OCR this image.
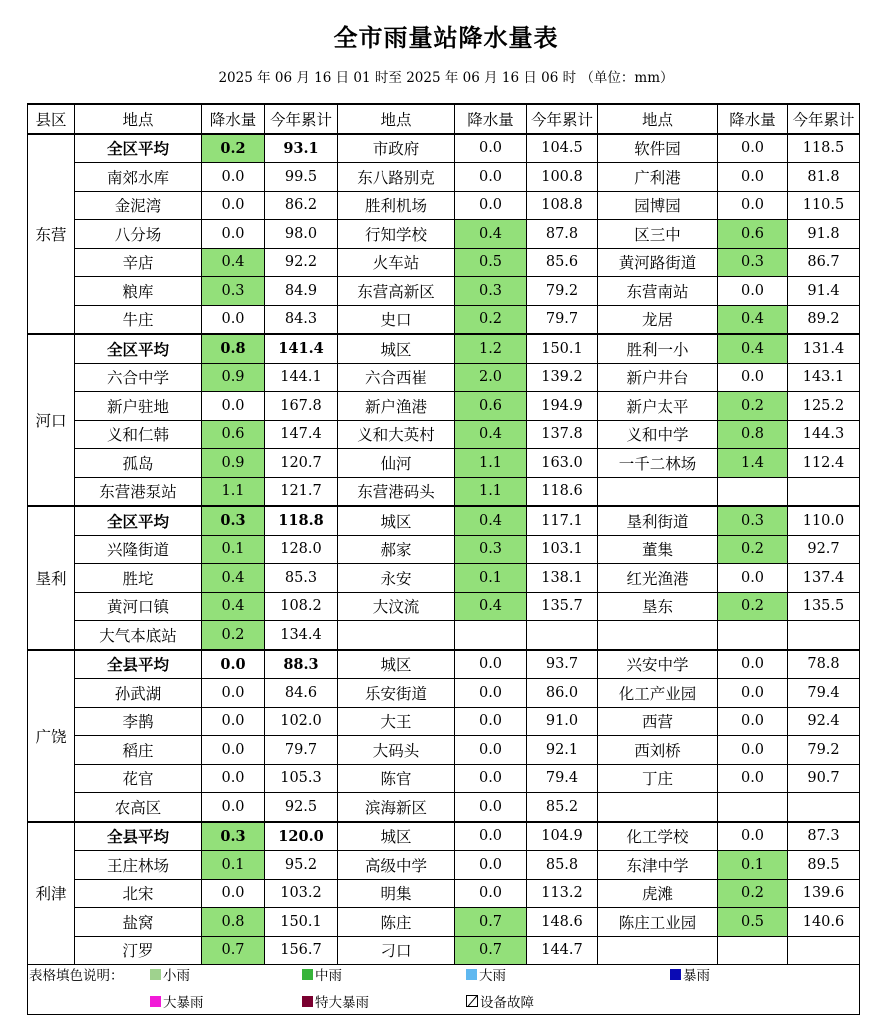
全市雨量站降水量表
2025 年 06 月 16 日 01 时至 2025 年 06 月 16 日 06 时 （单位：mm）
县区	地点	降水量	今年累计	地点	降水量	今年累计	地点	降水量	今年累计
东营	全区平均	0.2	93.1	市政府	0.0	104.5	软件园	0.0	118.5
	南郊水库	0.0	99.5	东八路别克	0.0	100.8	广利港	0.0	81.8
	金泥湾	0.0	86.2	胜利机场	0.0	108.8	园博园	0.0	110.5
	八分场	0.0	98.0	行知学校	0.4	87.8	区三中	0.6	91.8
	辛店	0.4	92.2	火车站	0.5	85.6	黄河路街道	0.3	86.7
	粮库	0.3	84.9	东营高新区	0.3	79.2	东营南站	0.0	91.4
	牛庄	0.0	84.3	史口	0.2	79.7	龙居	0.4	89.2
河口	全区平均	0.8	141.4	城区	1.2	150.1	胜利一小	0.4	131.4
	六合中学	0.9	144.1	六合西崔	2.0	139.2	新户井台	0.0	143.1
	新户驻地	0.0	167.8	新户渔港	0.6	194.9	新户太平	0.2	125.2
	义和仁韩	0.6	147.4	义和大英村	0.4	137.8	义和中学	0.8	144.3
	孤岛	0.9	120.7	仙河	1.1	163.0	一千二林场	1.4	112.4
	东营港泵站	1.1	121.7	东营港码头	1.1	118.6			
垦利	全区平均	0.3	118.8	城区	0.4	117.1	垦利街道	0.3	110.0
	兴隆街道	0.1	128.0	郝家	0.3	103.1	董集	0.2	92.7
	胜坨	0.4	85.3	永安	0.1	138.1	红光渔港	0.0	137.4
	黄河口镇	0.4	108.2	大汶流	0.4	135.7	垦东	0.2	135.5
	大气本底站	0.2	134.4						
广饶	全县平均	0.0	88.3	城区	0.0	93.7	兴安中学	0.0	78.8
	孙武湖	0.0	84.6	乐安街道	0.0	86.0	化工产业园	0.0	79.4
	李鹊	0.0	102.0	大王	0.0	91.0	西营	0.0	92.4
	稻庄	0.0	79.7	大码头	0.0	92.1	西刘桥	0.0	79.2
	花官	0.0	105.3	陈官	0.0	79.4	丁庄	0.0	90.7
	农高区	0.0	92.5	滨海新区	0.0	85.2			
利津	全县平均	0.3	120.0	城区	0.0	104.9	化工学校	0.0	87.3
	王庄林场	0.1	95.2	高级中学	0.0	85.8	东津中学	0.1	89.5
	北宋	0.0	103.2	明集	0.0	113.2	虎滩	0.2	139.6
	盐窝	0.8	150.1	陈庄	0.7	148.6	陈庄工业园	0.5	140.6
	汀罗	0.7	156.7	刁口	0.7	144.7			
表格填色说明：	小雨	中雨	大雨	暴雨
大暴雨	特大暴雨	设备故障
